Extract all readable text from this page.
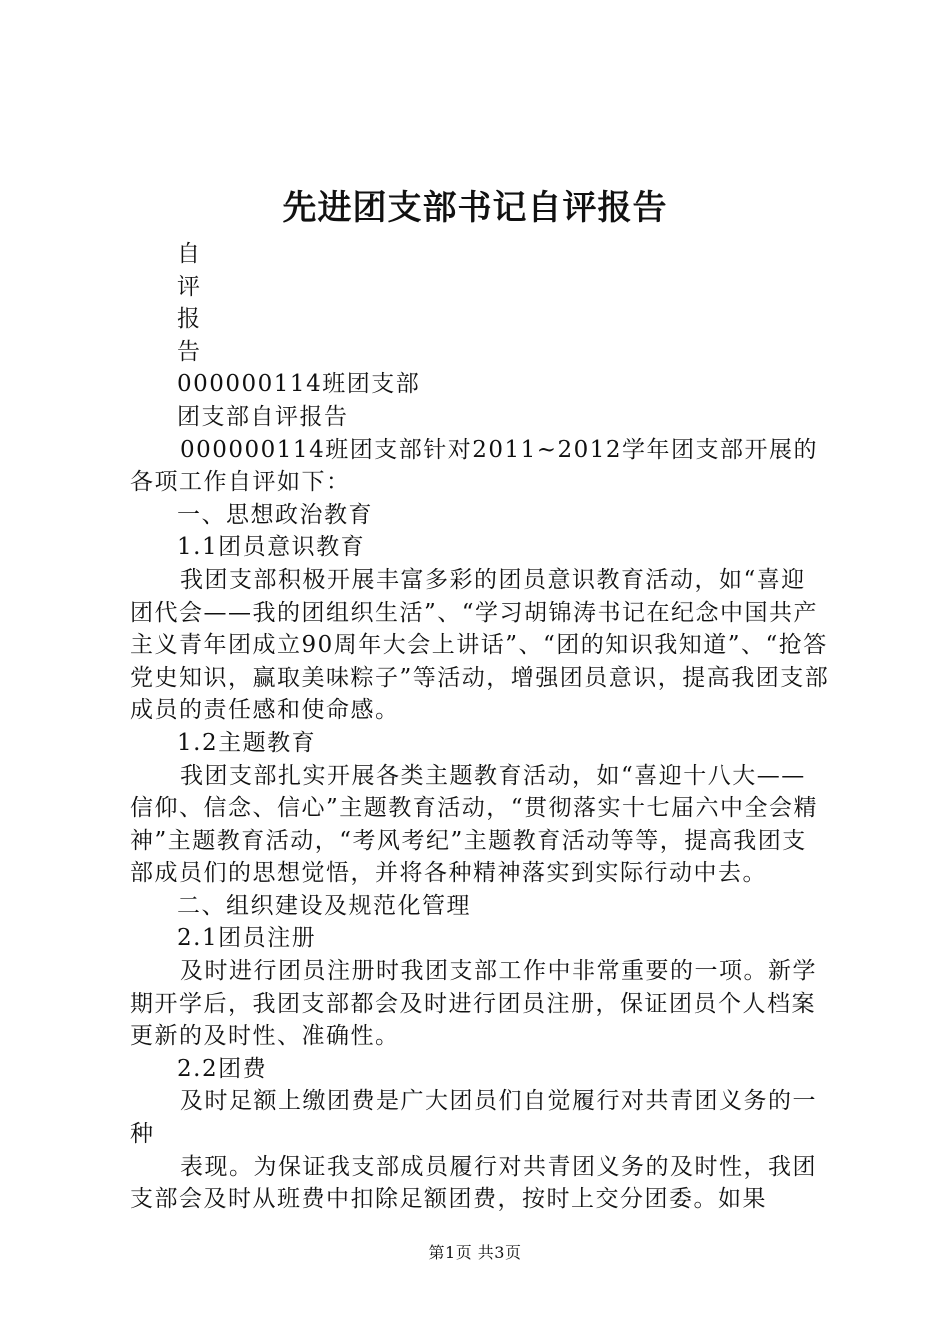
先进团支部书记自评报告

自

评

报

告

000000114班团支部

团支部自评报告

000000114班团支部针对2011~2012学年团支部开展的各项工作自评如下：

一、思想政治教育

1.1团员意识教育

我团支部积极开展丰富多彩的团员意识教育活动，如“喜迎团代会——我的团组织生活”、“学习胡锦涛书记在纪念中国共产主义青年团成立90周年大会上讲话”、“团的知识我知道”、“抢答党史知识，赢取美味粽子”等活动，增强团员意识，提高我团支部成员的责任感和使命感。

1.2主题教育

我团支部扎实开展各类主题教育活动，如“喜迎十八大——信仰、信念、信心”主题教育活动，“贯彻落实十七届六中全会精神”主题教育活动，“考风考纪”主题教育活动等等，提高我团支部成员们的思想觉悟，并将各种精神落实到实际行动中去。

二、组织建设及规范化管理

2.1团员注册

及时进行团员注册时我团支部工作中非常重要的一项。新学期开学后，我团支部都会及时进行团员注册，保证团员个人档案更新的及时性、准确性。

2.2团费

及时足额上缴团费是广大团员们自觉履行对共青团义务的一种

表现。为保证我支部成员履行对共青团义务的及时性，我团支部会及时从班费中扣除足额团费，按时上交分团委。如果

第1页 共3页
